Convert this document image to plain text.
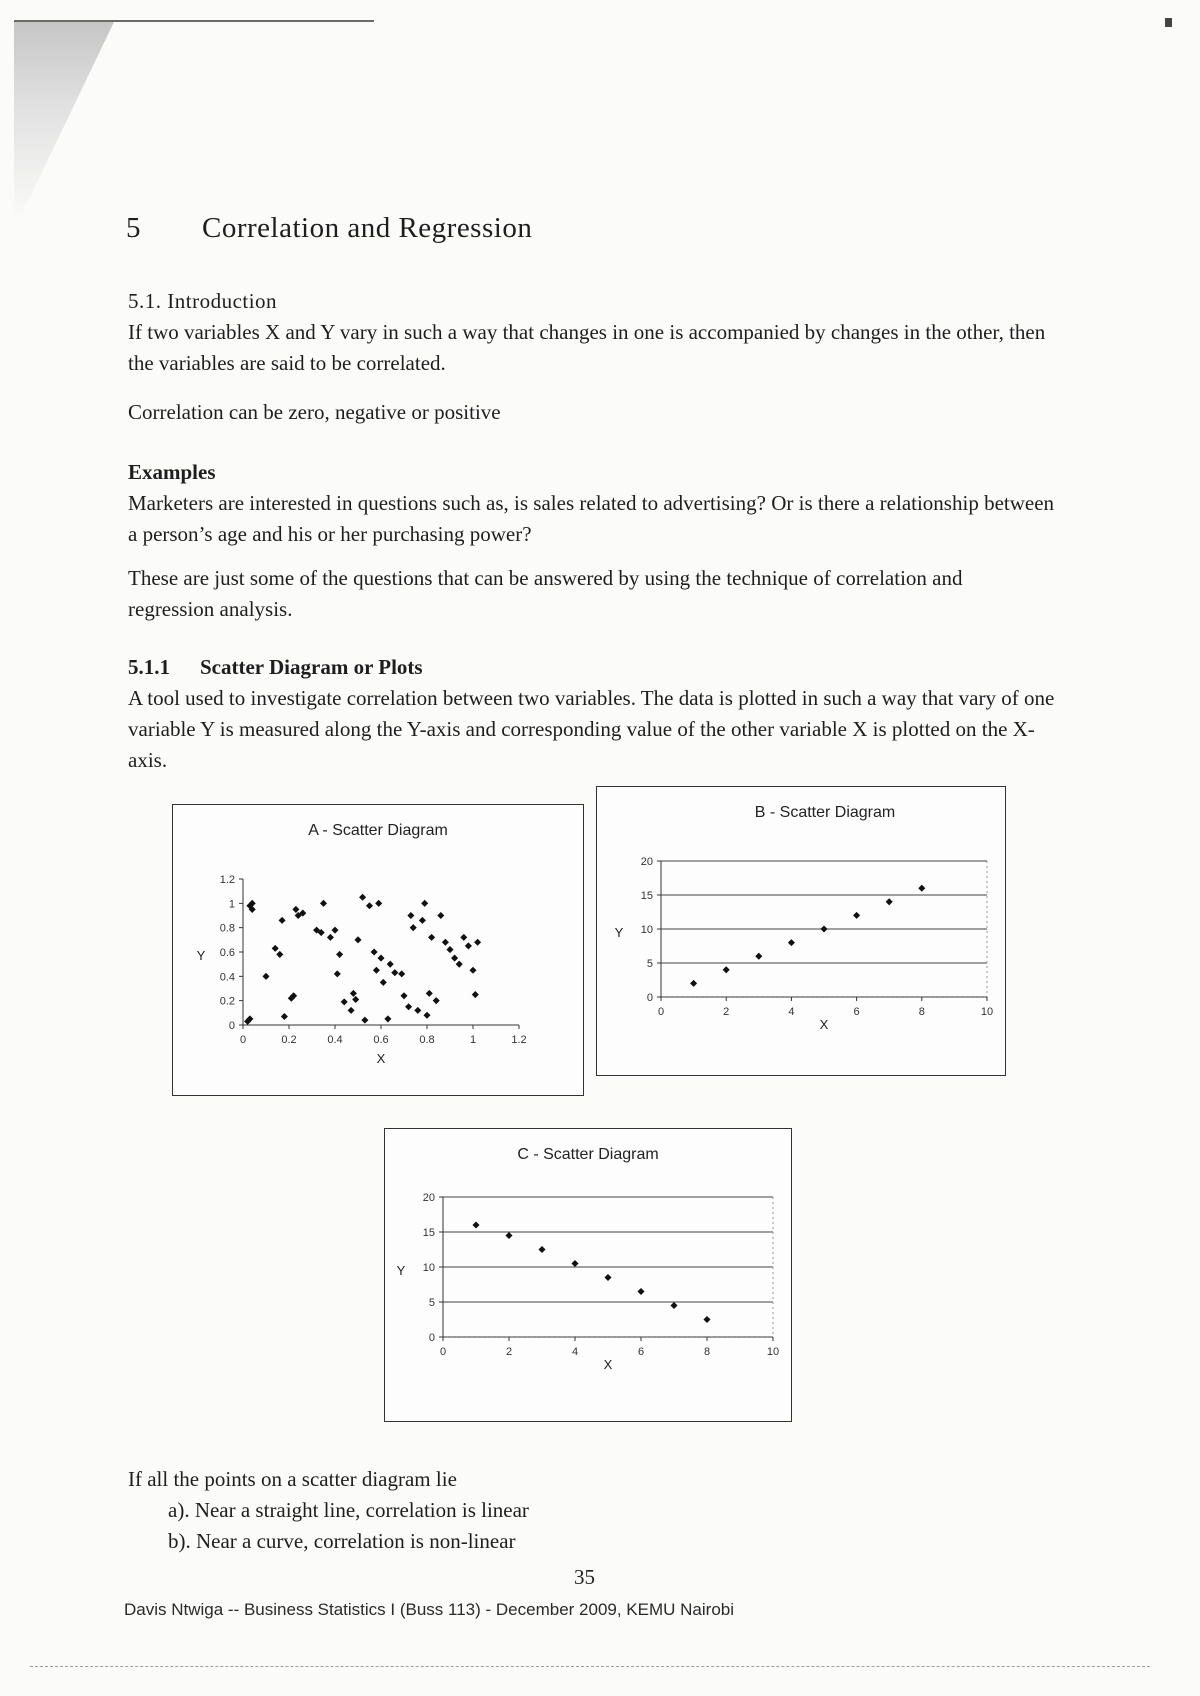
5 Correlation and Regression
5.1. Introduction
If two variables X and Y vary in such a way that changes in one is accompanied by changes in the other, then the variables are said to be correlated.
Correlation can be zero, negative or positive
Examples
Marketers are interested in questions such as, is sales related to advertising? Or is there a relationship between a person’s age and his or her purchasing power?
These are just some of the questions that can be answered by using the technique of correlation and regression analysis.
5.1.1 Scatter Diagram or Plots
A tool used to investigate correlation between two variables. The data is plotted in such a way that vary of one variable Y is measured along the Y-axis and corresponding value of the other variable X is plotted on the X-axis.
A - Scatter Diagram
0
0.2
0.4
0.6
0.8
1
1.2
0	0.2	0.4	0.6	0.8	1	1.2
X
Y
B - Scatter Diagram
0
5
10
15
20
0	2	4	6	8	10
X
Y
C - Scatter Diagram
0
5
10
15
20
0	2	4	6	8	10
X
Y
If all the points on a scatter diagram lie
a). Near a straight line, correlation is linear
b). Near a curve, correlation is non-linear
35
Davis Ntwiga -- Business Statistics I (Buss 113) - December 2009, KEMU Nairobi
